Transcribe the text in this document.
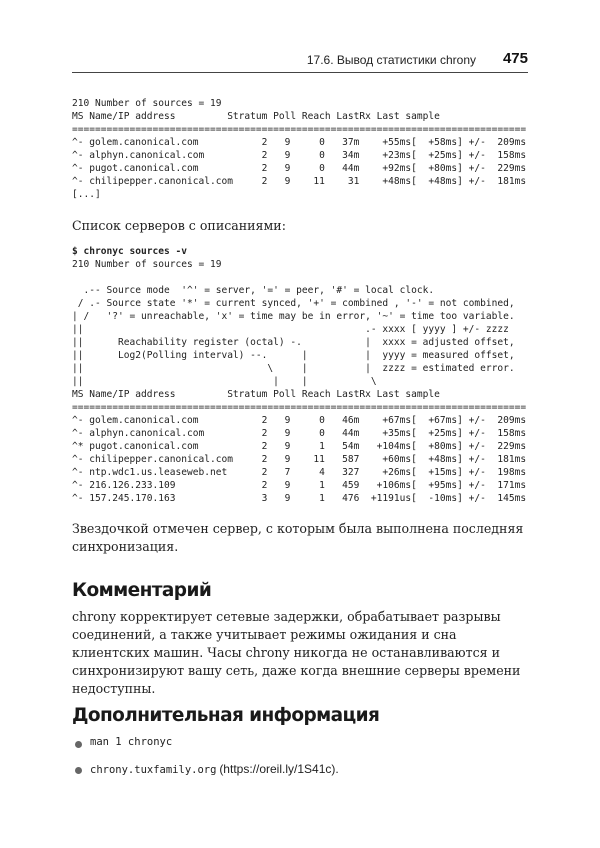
17.6. Вывод статистики chrony 475
210 Number of sources = 19
MS Name/IP address         Stratum Poll Reach LastRx Last sample
===============================================================================
^- golem.canonical.com           2   9     0   37m    +55ms[  +58ms] +/-  209ms
^- alphyn.canonical.com          2   9     0   34m    +23ms[  +25ms] +/-  158ms
^- pugot.canonical.com           2   9     0   44m    +92ms[  +80ms] +/-  229ms
^- chilipepper.canonical.com     2   9    11    31    +48ms[  +48ms] +/-  181ms
[...]

Список серверов с описаниями:

$ chronyc sources -v
210 Number of sources = 19

.-- Source mode  '^' = server, '=' = peer, '#' = local clock.
/ .- Source state '*' = current synced, '+' = combined , '-' = not combined,
| /   '?' = unreachable, 'x' = time may be in error, '~' = time too variable.
||                                                 .- xxxx [ yyyy ] +/- zzzz
||      Reachability register (octal) -.           |  xxxx = adjusted offset,
||      Log2(Polling interval) --.      |          |  yyyy = measured offset,
||                                \     |          |  zzzz = estimated error.
||                                 |    |           \
MS Name/IP address         Stratum Poll Reach LastRx Last sample
===============================================================================
^- golem.canonical.com           2   9     0   46m    +67ms[  +67ms] +/-  209ms
^- alphyn.canonical.com          2   9     0   44m    +35ms[  +25ms] +/-  158ms
^* pugot.canonical.com           2   9     1   54m   +104ms[  +80ms] +/-  229ms
^- chilipepper.canonical.com     2   9    11   587    +60ms[  +48ms] +/-  181ms
^- ntp.wdc1.us.leaseweb.net      2   7     4   327    +26ms[  +15ms] +/-  198ms
^- 216.126.233.109               2   9     1   459   +106ms[  +95ms] +/-  171ms
^- 157.245.170.163               3   9     1   476  +1191us[  -10ms] +/-  145ms

Звездочкой отмечен сервер, с которым была выполнена последняя синхронизация.

Комментарий

chrony корректирует сетевые задержки, обрабатывает разрывы соединений, а также учитывает режимы ожидания и сна клиентских машин. Часы chrony никогда не останавливаются и синхронизируют вашу сеть, даже когда внешние серверы времени недоступны.

Дополнительная информация
man 1 chronyc
chrony.tuxfamily.org (https://oreil.ly/1S41c).
